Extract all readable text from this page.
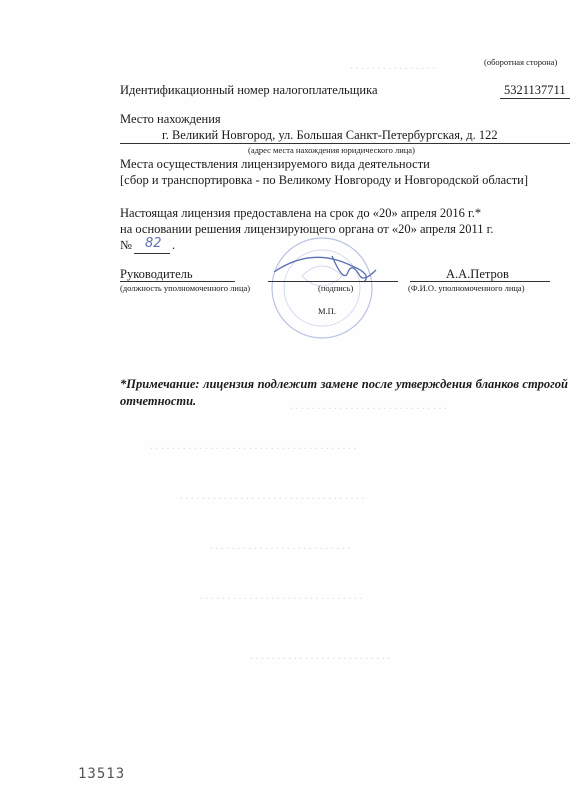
. . . . . . . . . . . . . . . .
. . . . . . . . . . . . . . . . . . . . . . . . . . . . .
. . . . . . . . . . . . . . . . . . . . . . . . . . . . . . . . . . . . . .
. . . . . . . . . . . . . . . . . . . . . . . . . . . . . . . . . .
. . . . . . . . . . . . . . . . . . . . . . . . . .
. . . . . . . . . . . . . . . . . . . . . . . . . . . . . .
. . . . . . . . . . . . . . . . . . . . . . . . . .
(оборотная сторона)
Идентификационный номер налогоплательщика	5321137711
Место нахождения
г. Великий Новгород, ул. Большая Санкт-Петербургская, д. 122
(адрес места нахождения юридического лица)
Места осуществления лицензируемого вида деятельности
[сбор и транспортировка - по Великому Новгороду и Новгородской области]
Настоящая лицензия предоставлена на срок до «20» апреля 2016 г.*
на основании решения лицензирующего органа от «20» апреля 2011 г.
№ 82 .
Руководитель	А.А.Петров
(должность уполномоченного лица)	(подпись)	(Ф.И.О. уполномоченного лица)
М.П.
*Примечание: лицензия подлежит замене после утверждения бланков строгой отчетности.
13513
